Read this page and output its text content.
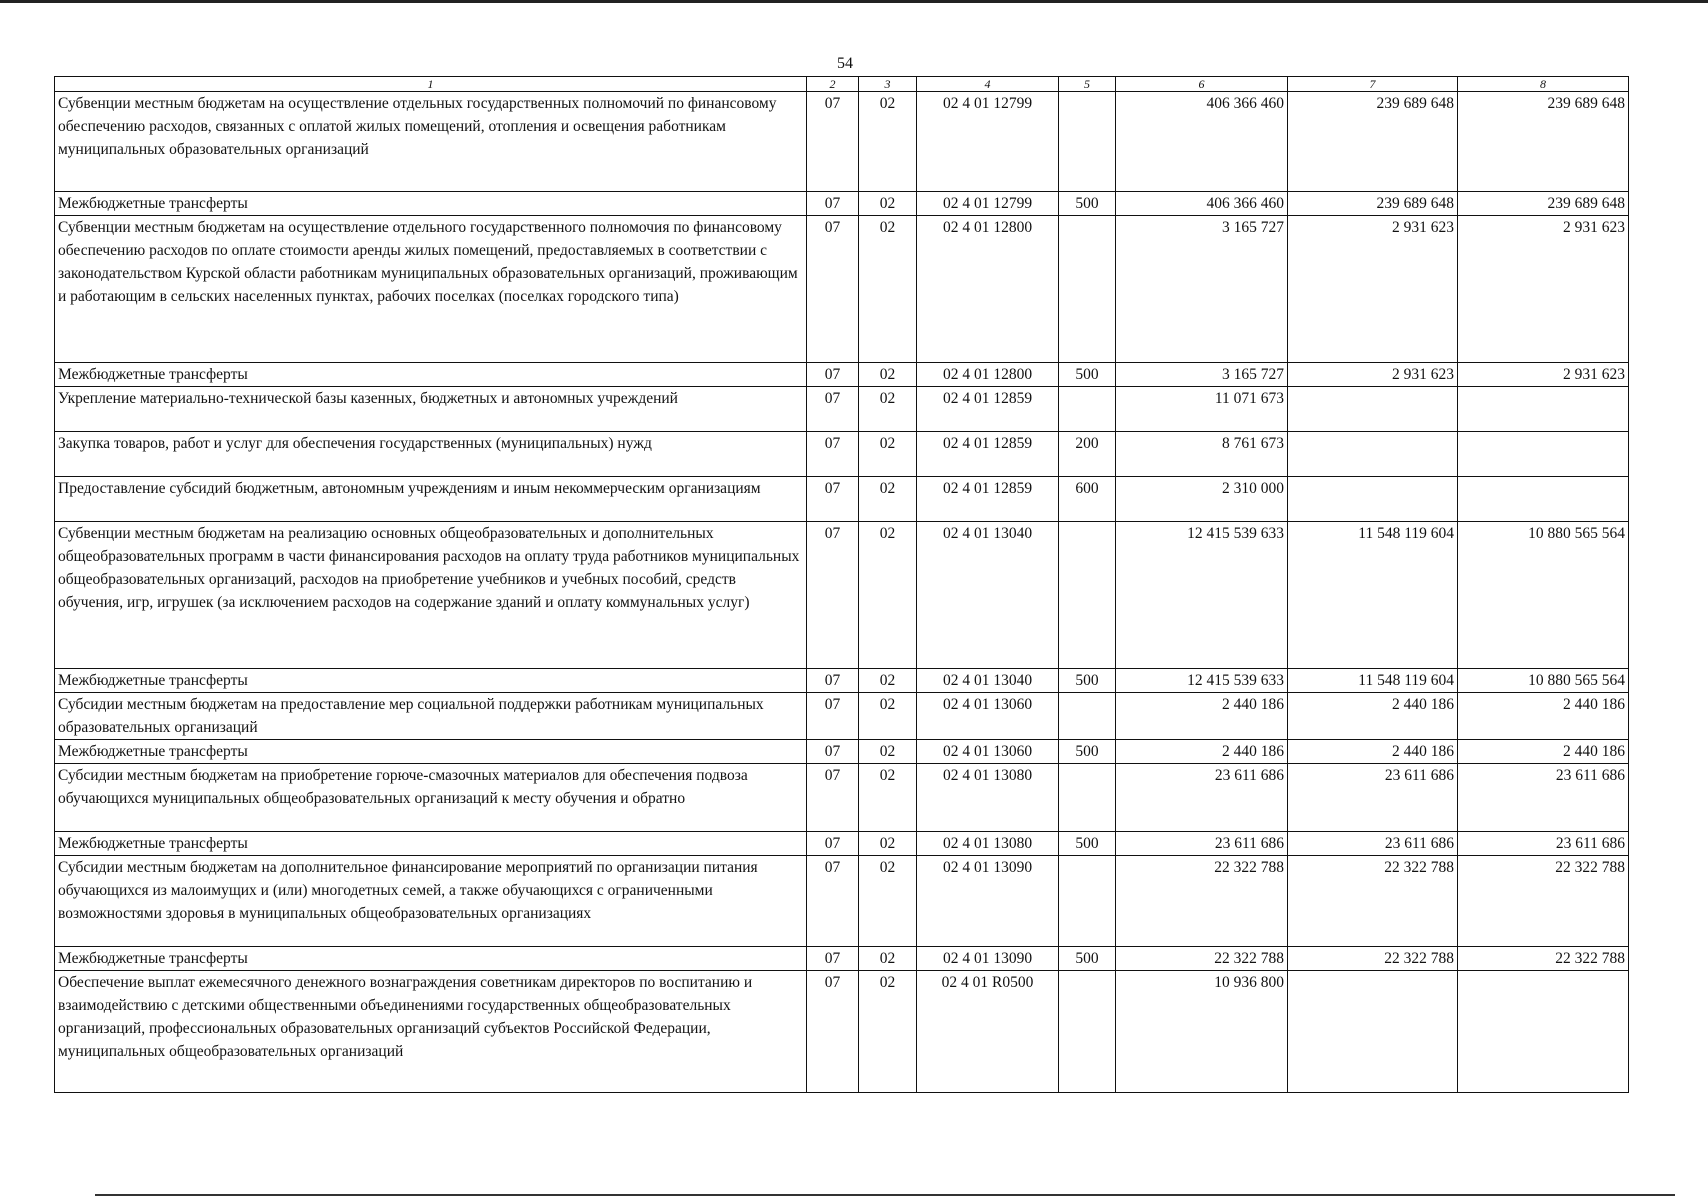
54
1	2	3	4	5	6	7	8
Субвенции местным бюджетам на осуществление отдельных государственных полномочий по финансовому обеспечению расходов, связанных с оплатой жилых помещений, отопления и освещения работникам муниципальных образовательных организаций	07	02	02 4 01 12799		406 366 460	239 689 648	239 689 648
Межбюджетные трансферты	07	02	02 4 01 12799	500	406 366 460	239 689 648	239 689 648
Субвенции местным бюджетам на осуществление отдельного государственного полномочия по финансовому обеспечению расходов по оплате стоимости аренды жилых помещений, предоставляемых в соответствии с законодательством Курской области работникам муниципальных образовательных организаций, проживающим и работающим в сельских населенных пунктах, рабочих поселках (поселках городского типа)	07	02	02 4 01 12800		3 165 727	2 931 623	2 931 623
Межбюджетные трансферты	07	02	02 4 01 12800	500	3 165 727	2 931 623	2 931 623
Укрепление материально-технической базы казенных, бюджетных и автономных учреждений	07	02	02 4 01 12859		11 071 673		
Закупка товаров, работ и услуг для обеспечения государственных (муниципальных) нужд	07	02	02 4 01 12859	200	8 761 673		
Предоставление субсидий бюджетным, автономным учреждениям и иным некоммерческим организациям	07	02	02 4 01 12859	600	2 310 000		
Субвенции местным бюджетам на реализацию основных общеобразовательных и дополнительных общеобразовательных программ в части финансирования расходов на оплату труда работников муниципальных общеобразовательных организаций, расходов на приобретение учебников и учебных пособий, средств обучения, игр, игрушек (за исключением расходов на содержание зданий и оплату коммунальных услуг)	07	02	02 4 01 13040		12 415 539 633	11 548 119 604	10 880 565 564
Межбюджетные трансферты	07	02	02 4 01 13040	500	12 415 539 633	11 548 119 604	10 880 565 564
Субсидии местным бюджетам на предоставление мер социальной поддержки работникам муниципальных образовательных организаций	07	02	02 4 01 13060		2 440 186	2 440 186	2 440 186
Межбюджетные трансферты	07	02	02 4 01 13060	500	2 440 186	2 440 186	2 440 186
Субсидии местным бюджетам на приобретение горюче-смазочных материалов для обеспечения подвоза обучающихся муниципальных общеобразовательных организаций к месту обучения и обратно	07	02	02 4 01 13080		23 611 686	23 611 686	23 611 686
Межбюджетные трансферты	07	02	02 4 01 13080	500	23 611 686	23 611 686	23 611 686
Субсидии местным бюджетам на дополнительное финансирование мероприятий по организации питания обучающихся из малоимущих и (или) многодетных семей, а также обучающихся с ограниченными возможностями здоровья в муниципальных общеобразовательных организациях	07	02	02 4 01 13090		22 322 788	22 322 788	22 322 788
Межбюджетные трансферты	07	02	02 4 01 13090	500	22 322 788	22 322 788	22 322 788
Обеспечение выплат ежемесячного денежного вознаграждения советникам директоров по воспитанию и взаимодействию с детскими общественными объединениями государственных общеобразовательных организаций, профессиональных образовательных организаций субъектов Российской Федерации, муниципальных общеобразовательных организаций	07	02	02 4 01 R0500		10 936 800		
